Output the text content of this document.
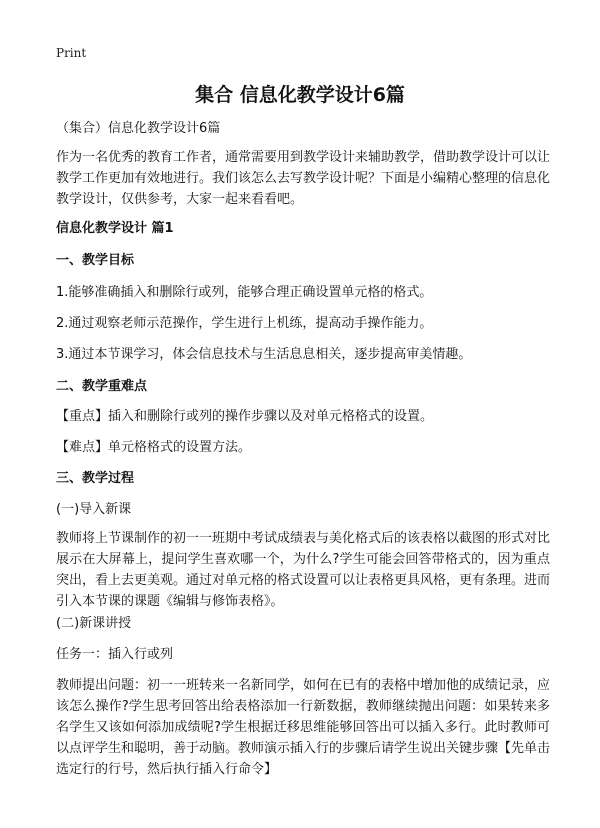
Print
集合 信息化教学设计6篇
（集合）信息化教学设计6篇
作为一名优秀的教育工作者，通常需要用到教学设计来辅助教学，借助教学设计可以让教学工作更加有效地进行。我们该怎么去写教学设计呢？下面是小编精心整理的信息化教学设计，仅供参考，大家一起来看看吧。
信息化教学设计 篇1
一、教学目标
1.能够准确插入和删除行或列，能够合理正确设置单元格的格式。
2.通过观察老师示范操作，学生进行上机练，提高动手操作能力。
3.通过本节课学习，体会信息技术与生活息息相关，逐步提高审美情趣。
二、教学重难点
【重点】插入和删除行或列的操作步骤以及对单元格格式的设置。
【难点】单元格格式的设置方法。
三、教学过程
(一)导入新课
教师将上节课制作的初一一班期中考试成绩表与美化格式后的该表格以截图的形式对比展示在大屏幕上，提问学生喜欢哪一个，为什么?学生可能会回答带格式的，因为重点突出，看上去更美观。通过对单元格的格式设置可以让表格更具风格，更有条理。进而引入本节课的课题《编辑与修饰表格》。
(二)新课讲授
任务一：插入行或列
教师提出问题：初一一班转来一名新同学，如何在已有的表格中增加他的成绩记录，应该怎么操作?学生思考回答出给表格添加一行新数据，教师继续抛出问题：如果转来多名学生又该如何添加成绩呢?学生根据迁移思维能够回答出可以插入多行。此时教师可以点评学生和聪明，善于动脑。教师演示插入行的步骤后请学生说出关键步骤【先单击选定行的行号，然后执行插入行命令】
